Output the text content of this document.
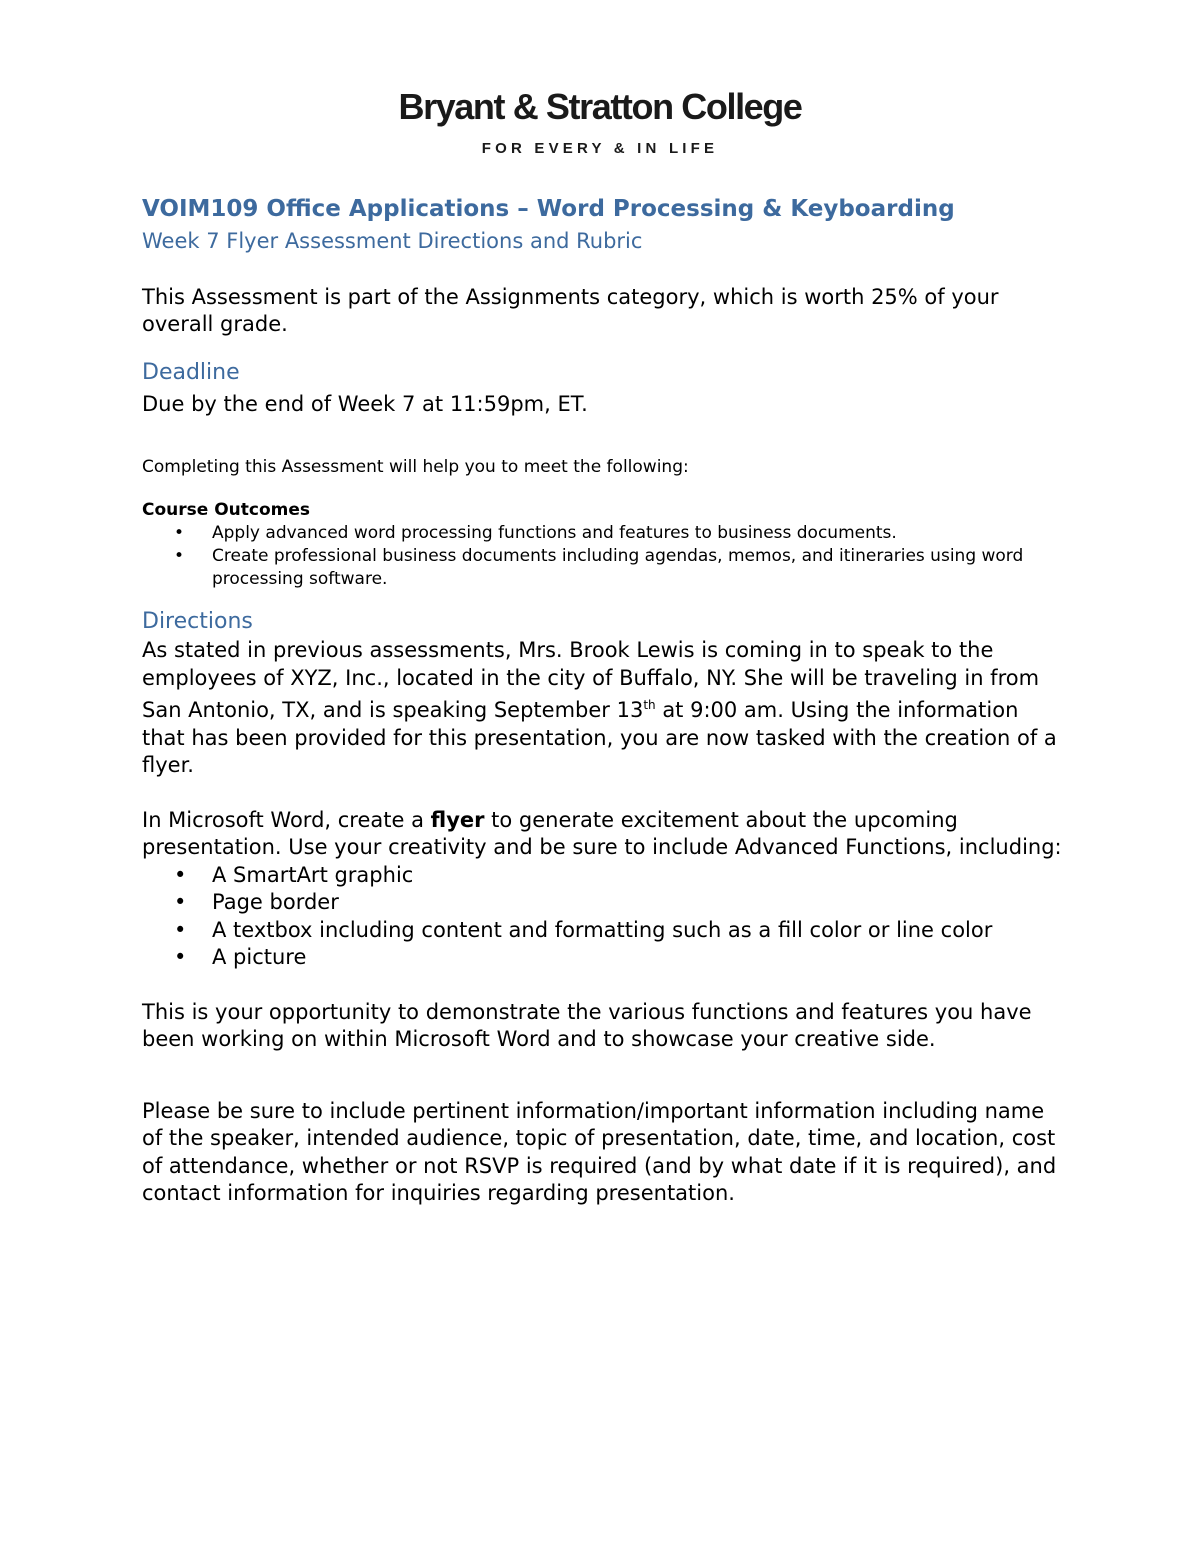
Bryant & Stratton College
FOR EVERY & IN LIFE
VOIM109 Office Applications – Word Processing & Keyboarding

Week 7 Flyer Assessment Directions and Rubric

This Assessment is part of the Assignments category, which is worth 25% of your overall grade.

Deadline

Due by the end of Week 7 at 11:59pm, ET.

Completing this Assessment will help you to meet the following:

Course Outcomes

• Apply advanced word processing functions and features to business documents.
• Create professional business documents including agendas, memos, and itineraries using word processing software.
Directions

As stated in previous assessments, Mrs. Brook Lewis is coming in to speak to the employees of XYZ, Inc., located in the city of Buffalo, NY. She will be traveling in from San Antonio, TX, and is speaking September 13th at 9:00 am. Using the information that has been provided for this presentation, you are now tasked with the creation of a flyer.

In Microsoft Word, create a flyer to generate excitement about the upcoming presentation. Use your creativity and be sure to include Advanced Functions, including:

• A SmartArt graphic
• Page border
• A textbox including content and formatting such as a fill color or line color
• A picture

This is your opportunity to demonstrate the various functions and features you have been working on within Microsoft Word and to showcase your creative side.

Please be sure to include pertinent information/important information including name of the speaker, intended audience, topic of presentation, date, time, and location, cost of attendance, whether or not RSVP is required (and by what date if it is required), and contact information for inquiries regarding presentation.
